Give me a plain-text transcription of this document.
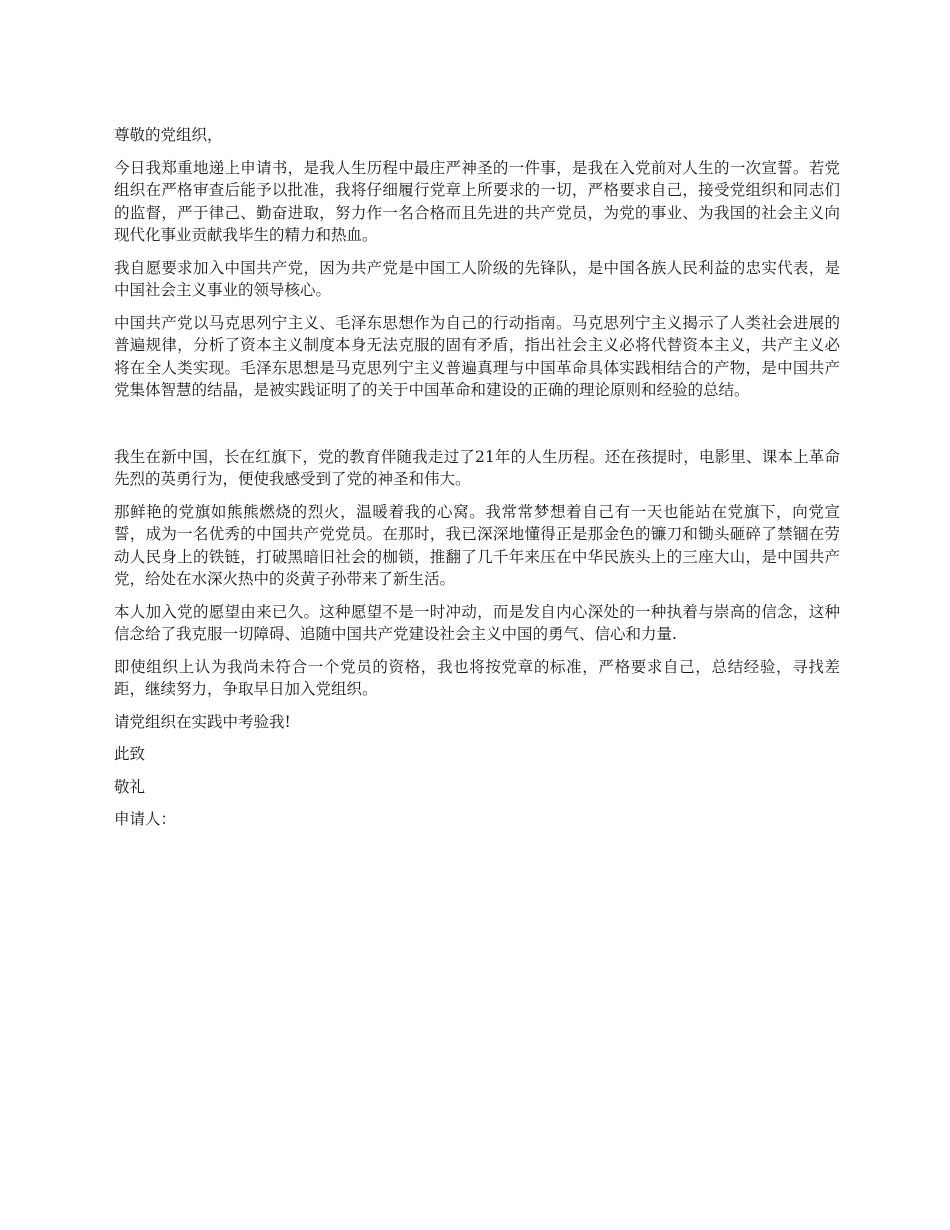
尊敬的党组织，

今日我郑重地递上申请书，是我人生历程中最庄严神圣的一件事，是我在入党前对人生的一次宣誓。若党组织在严格审查后能予以批准，我将仔细履行党章上所要求的一切，严格要求自己，接受党组织和同志们的监督，严于律己、勤奋进取，努力作一名合格而且先进的共产党员，为党的事业、为我国的社会主义向现代化事业贡献我毕生的精力和热血。

我自愿要求加入中国共产党，因为共产党是中国工人阶级的先锋队，是中国各族人民利益的忠实代表，是中国社会主义事业的领导核心。

中国共产党以马克思列宁主义、毛泽东思想作为自己的行动指南。马克思列宁主义揭示了人类社会进展的普遍规律，分析了资本主义制度本身无法克服的固有矛盾，指出社会主义必将代替资本主义，共产主义必将在全人类实现。毛泽东思想是马克思列宁主义普遍真理与中国革命具体实践相结合的产物，是中国共产党集体智慧的结晶，是被实践证明了的关于中国革命和建设的正确的理论原则和经验的总结。

我生在新中国，长在红旗下，党的教育伴随我走过了21年的人生历程。还在孩提时，电影里、课本上革命先烈的英勇行为，便使我感受到了党的神圣和伟大。

那鲜艳的党旗如熊熊燃烧的烈火，温暖着我的心窝。我常常梦想着自己有一天也能站在党旗下，向党宣誓，成为一名优秀的中国共产党党员。在那时，我已深深地懂得正是那金色的镰刀和锄头砸碎了禁锢在劳动人民身上的铁链，打破黑暗旧社会的枷锁，推翻了几千年来压在中华民族头上的三座大山，是中国共产党，给处在水深火热中的炎黄子孙带来了新生活。

本人加入党的愿望由来已久。这种愿望不是一时冲动，而是发自内心深处的一种执着与崇高的信念，这种信念给了我克服一切障碍、追随中国共产党建设社会主义中国的勇气、信心和力量.

即使组织上认为我尚未符合一个党员的资格，我也将按党章的标准，严格要求自己，总结经验，寻找差距，继续努力，争取早日加入党组织。

请党组织在实践中考验我!

此致

敬礼

申请人：
